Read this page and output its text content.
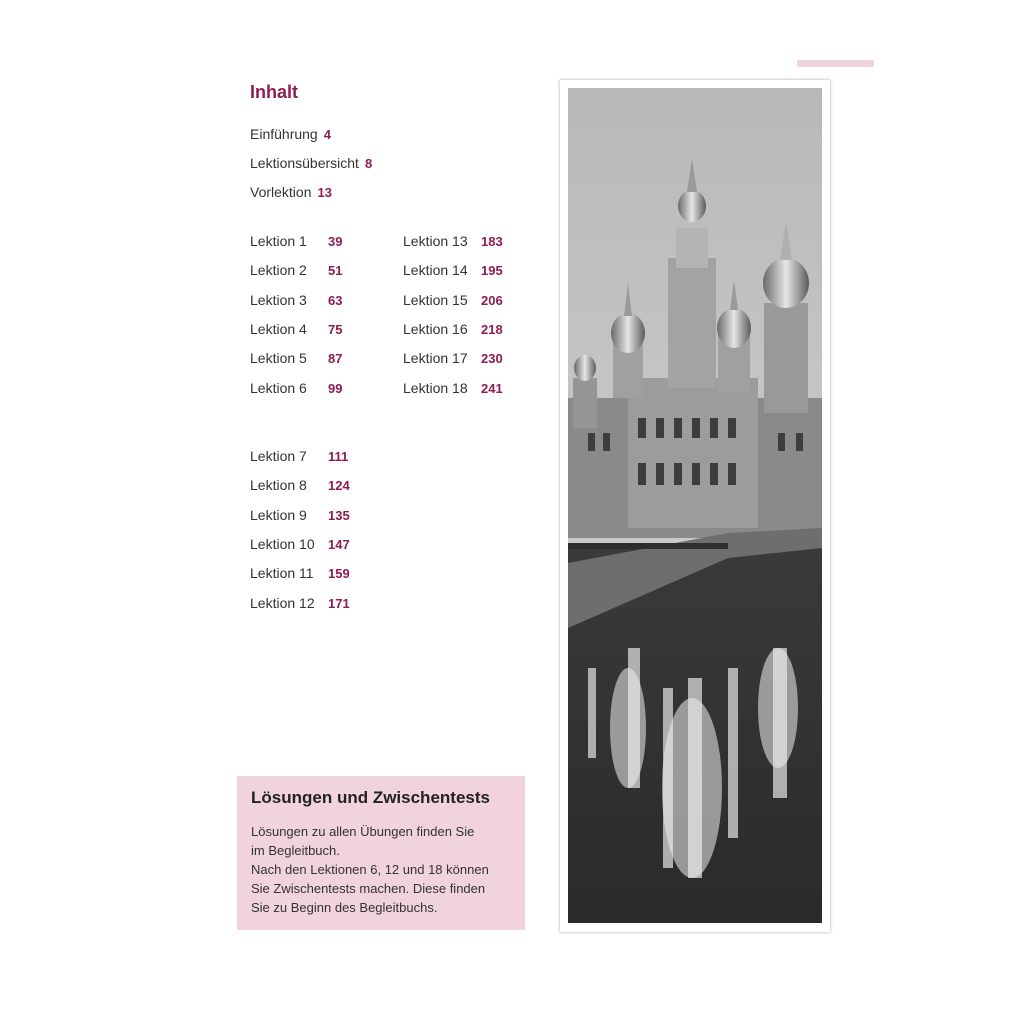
Inhalt
Einführung 4
Lektionsübersicht 8
Vorlektion 13
Lektion 1 39
Lektion 2 51
Lektion 3 63
Lektion 4 75
Lektion 5 87
Lektion 6 99
Lektion 13 183
Lektion 14 195
Lektion 15 206
Lektion 16 218
Lektion 17 230
Lektion 18 241
Lektion 7 111
Lektion 8 124
Lektion 9 135
Lektion 10 147
Lektion 11 159
Lektion 12 171
Lösungen und Zwischentests

Lösungen zu allen Übungen finden Sie
im Begleitbuch.
Nach den Lektionen 6, 12 und 18 können
Sie Zwischentests machen. Diese finden
Sie zu Beginn des Begleitbuchs.
